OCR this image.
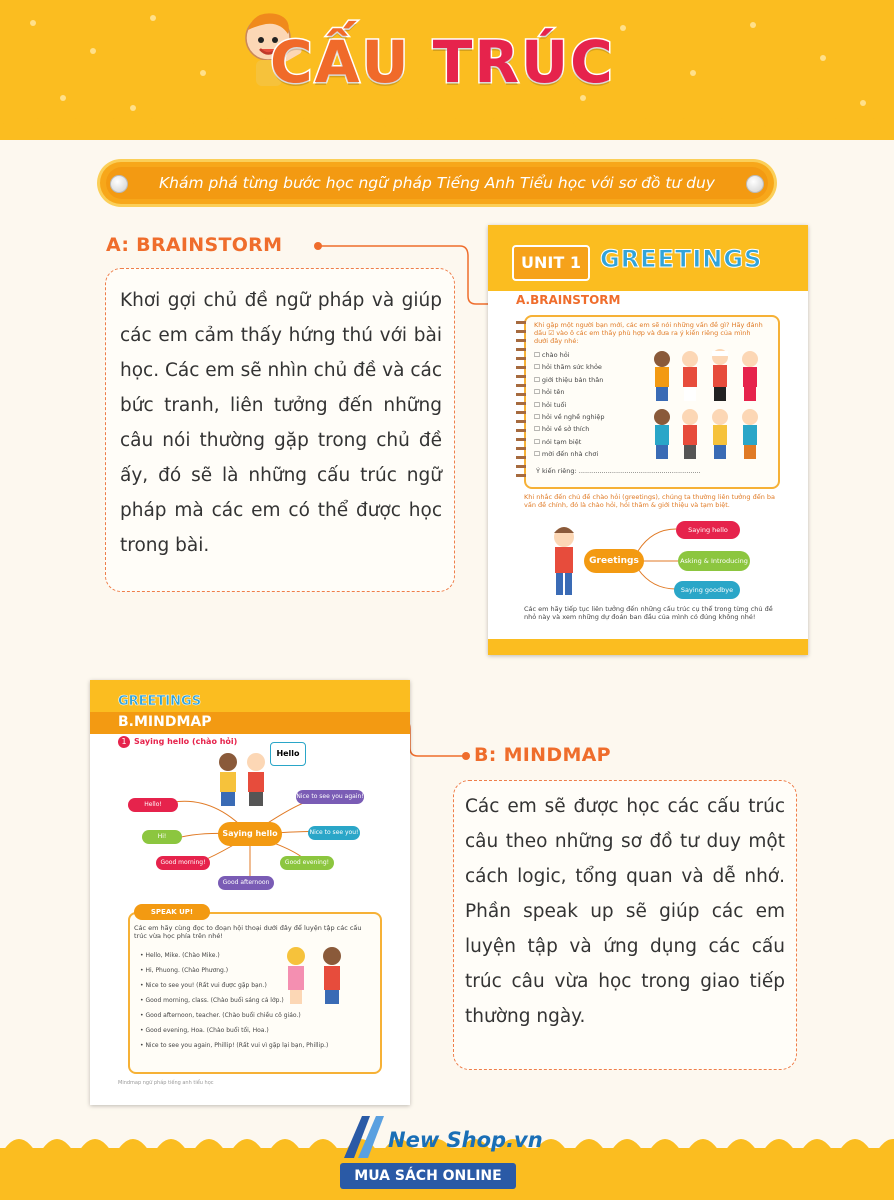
CẤU TRÚC
Khám phá từng bước học ngữ pháp Tiếng Anh Tiểu học với sơ đồ tư duy
A: BRAINSTORM
Khơi gợi chủ đề ngữ pháp và giúp các em cảm thấy hứng thú với bài học. Các em sẽ nhìn chủ đề và các bức tranh, liên tưởng đến những câu nói thường gặp trong chủ đề ấy, đó sẽ là những cấu trúc ngữ pháp mà các em có thể được học trong bài.
UNIT 1 GREETINGS
A.BRAINSTORM
Khi gặp một người bạn mới, các em sẽ nói những vấn đề gì? Hãy đánh dấu ☑ vào ô các em thấy phù hợp và đưa ra ý kiến riêng của mình dưới đây nhé:
☐ chào hỏi
☐ hỏi thăm sức khỏe
☐ giới thiệu bản thân
☐ hỏi tên
☐ hỏi tuổi
☐ hỏi về nghề nghiệp
☐ hỏi về sở thích
☐ nói tạm biệt
☐ mời đến nhà chơi
Ý kiến riêng: ...........................................................
Khi nhắc đến chủ đề chào hỏi (greetings), chúng ta thường liên tưởng đến ba vấn đề chính, đó là chào hỏi, hỏi thăm & giới thiệu và tạm biệt.
Greetings
Saying hello
Asking & Introducing
Saying goodbye
Các em hãy tiếp tục liên tưởng đến những cấu trúc cụ thể trong từng chủ đề nhỏ này và xem những dự đoán ban đầu của mình có đúng không nhé!
GREETINGS
B.MINDMAP
1 Saying hello (chào hỏi)
Hello
Saying hello
Hello!
Hi!
Good morning!
Good afternoon
Good evening!
Nice to see you!
Nice to see you again!
SPEAK UP!
Các em hãy cùng đọc to đoạn hội thoại dưới đây để luyện tập các cấu trúc vừa học phía trên nhé!
• Hello, Mike. (Chào Mike.)
• Hi, Phuong. (Chào Phương.)
• Nice to see you! (Rất vui được gặp bạn.)
• Good morning, class. (Chào buổi sáng cả lớp.)
• Good afternoon, teacher. (Chào buổi chiều cô giáo.)
• Good evening, Hoa. (Chào buổi tối, Hoa.)
• Nice to see you again, Phillip! (Rất vui vì gặp lại bạn, Phillip.)
Mindmap ngữ pháp tiếng anh tiểu học
B: MINDMAP
Các em sẽ được học các cấu trúc câu theo những sơ đồ tư duy một cách logic, tổng quan và dễ nhớ. Phần speak up sẽ giúp các em luyện tập và ứng dụng các cấu trúc câu vừa học trong giao tiếp thường ngày.
New Shop.vn
MUA SÁCH ONLINE
